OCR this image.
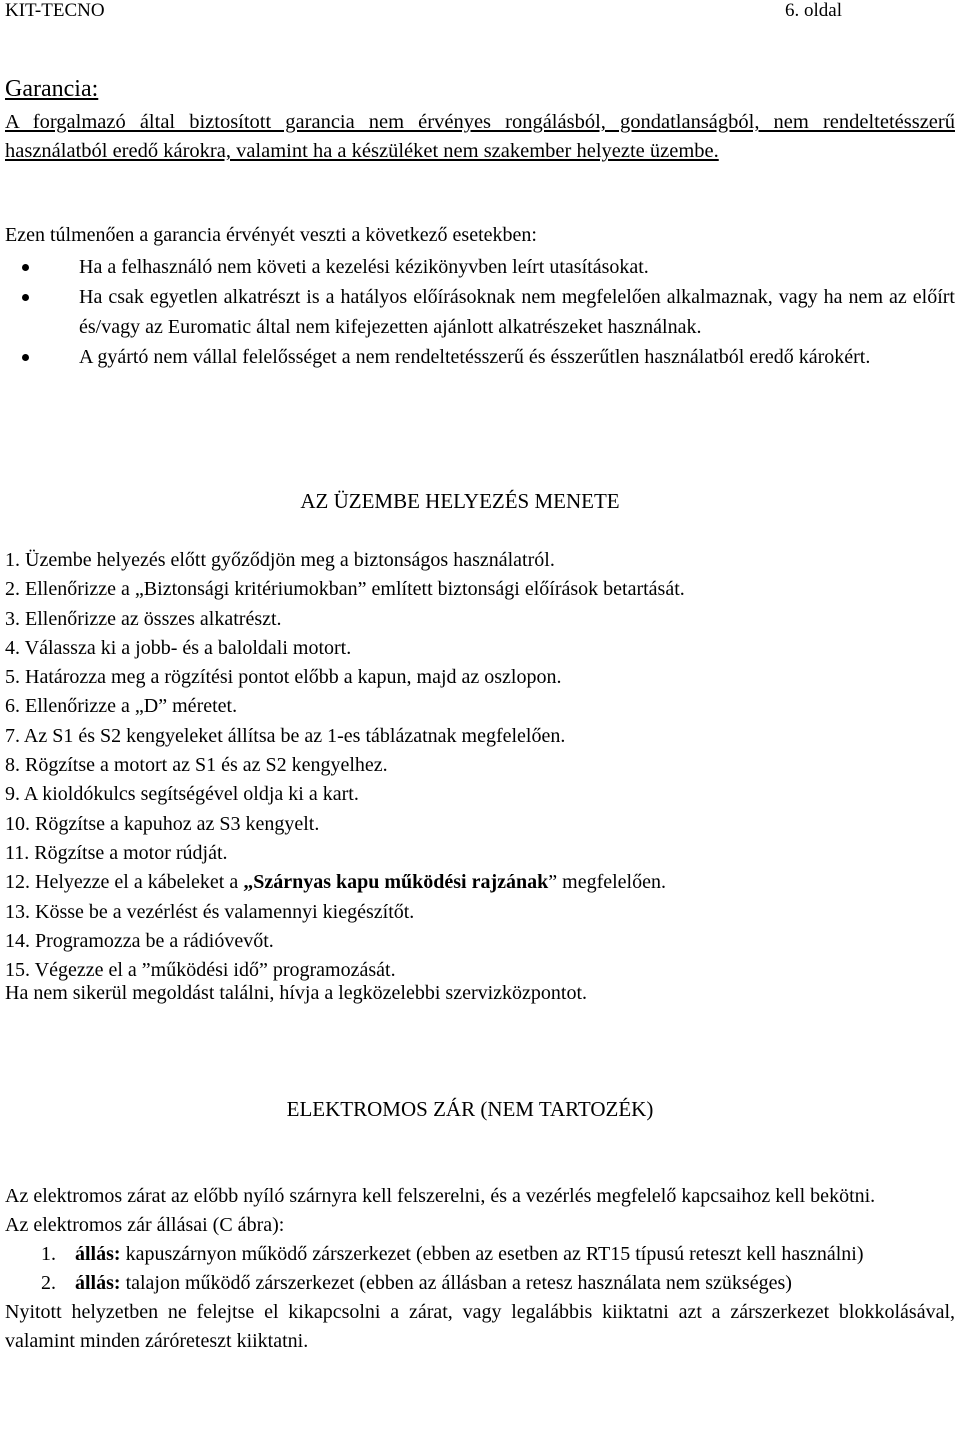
KIT-TECNO	6. oldal
Garancia:
A forgalmazó által biztosított garancia nem érvényes rongálásból, gondatlanságból, nem rendeltetésszerű használatból eredő károkra, valamint ha a készüléket nem szakember helyezte üzembe.
Ezen túlmenően a garancia érvényét veszti a következő esetekben:
Ha a felhasználó nem követi a kezelési kézikönyvben leírt utasításokat.
Ha csak egyetlen alkatrészt is a hatályos előírásoknak nem megfelelően alkalmaznak, vagy ha nem az előírt és/vagy az Euromatic által nem kifejezetten ajánlott alkatrészeket használnak.
A gyártó nem vállal felelősséget a nem rendeltetésszerű és ésszerűtlen használatból eredő károkért.
AZ ÜZEMBE HELYEZÉS MENETE
1. Üzembe helyezés előtt győződjön meg a biztonságos használatról.
2. Ellenőrizze a „Biztonsági kritériumokban” említett biztonsági előírások betartását.
3. Ellenőrizze az összes alkatrészt.
4. Válassza ki a jobb- és a baloldali motort.
5. Határozza meg a rögzítési pontot előbb a kapun, majd az oszlopon.
6. Ellenőrizze a „D” méretet.
7. Az S1 és S2 kengyeleket állítsa be az 1-es táblázatnak megfelelően.
8. Rögzítse a motort az S1 és az S2 kengyelhez.
9. A kioldókulcs segítségével oldja ki a kart.
10. Rögzítse a kapuhoz az S3 kengyelt.
11. Rögzítse a motor rúdját.
12. Helyezze el a kábeleket a „Szárnyas kapu működési rajzának” megfelelően.
13. Kösse be a vezérlést és valamennyi kiegészítőt.
14. Programozza be a rádióvevőt.
15. Végezze el a ”működési idő” programozását.
Ha nem sikerül megoldást találni, hívja a legközelebbi szervizközpontot.
ELEKTROMOS ZÁR (NEM TARTOZÉK)

Az elektromos zárat az előbb nyíló szárnyra kell felszerelni, és a vezérlés megfelelő kapcsaihoz kell bekötni.

Az elektromos zár állásai (C ábra):

1. állás: kapuszárnyon működő zárszerkezet (ebben az esetben az RT15 típusú reteszt kell használni)
2. állás: talajon működő zárszerkezet (ebben az állásban a retesz használata nem szükséges)

Nyitott helyzetben ne felejtse el kikapcsolni a zárat, vagy legalábbis kiiktatni azt a zárszerkezet blokkolásával, valamint minden záróreteszt kiiktatni.
